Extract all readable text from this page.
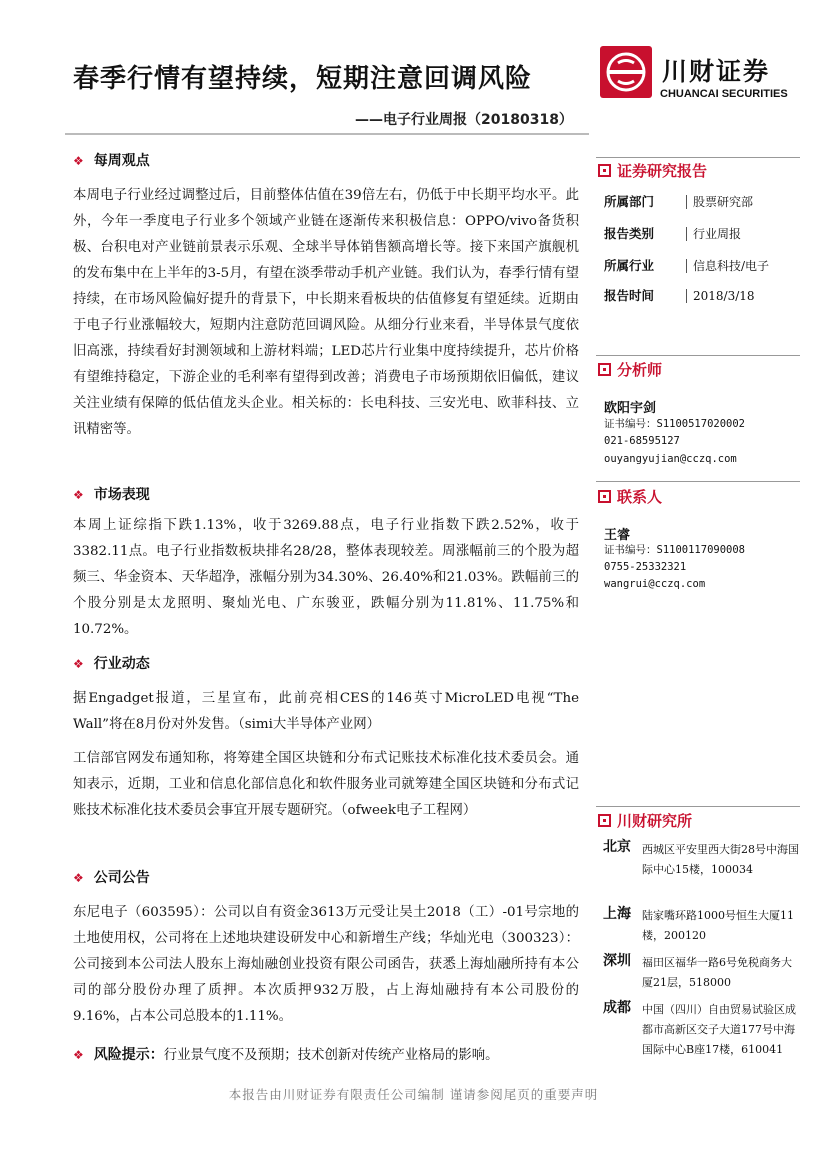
春季行情有望持续，短期注意回调风险
——电子行业周报（20180318）
川财证券
CHUANCAI SECURITIES
❖ 每周观点

本周电子行业经过调整过后，目前整体估值在39倍左右，仍低于中长期平均水平。此外，今年一季度电子行业多个领域产业链在逐渐传来积极信息：OPPO/vivo备货积极、台积电对产业链前景表示乐观、全球半导体销售额高增长等。接下来国产旗舰机的发布集中在上半年的3-5月，有望在淡季带动手机产业链。我们认为，春季行情有望持续，在市场风险偏好提升的背景下，中长期来看板块的估值修复有望延续。近期由于电子行业涨幅较大，短期内注意防范回调风险。从细分行业来看，半导体景气度依旧高涨，持续看好封测领域和上游材料端；LED芯片行业集中度持续提升，芯片价格有望维持稳定，下游企业的毛利率有望得到改善；消费电子市场预期依旧偏低，建议关注业绩有保障的低估值龙头企业。相关标的：长电科技、三安光电、欧菲科技、立讯精密等。

❖ 市场表现

本周上证综指下跌1.13%，收于3269.88点，电子行业指数下跌2.52%，收于3382.11点。电子行业指数板块排名28/28，整体表现较差。周涨幅前三的个股为超频三、华金资本、天华超净，涨幅分别为34.30%、26.40%和21.03%。跌幅前三的个股分别是太龙照明、聚灿光电、广东骏亚，跌幅分别为11.81%、11.75%和10.72%。

❖ 行业动态

据Engadget报道，三星宣布，此前亮相CES的146英寸MicroLED电视“The Wall”将在8月份对外发售。（simi大半导体产业网）

工信部官网发布通知称，将筹建全国区块链和分布式记账技术标准化技术委员会。通知表示，近期，工业和信息化部信息化和软件服务业司就筹建全国区块链和分布式记账技术标准化技术委员会事宜开展专题研究。（ofweek电子工程网）

❖ 公司公告

东尼电子（603595）：公司以自有资金3613万元受让吴土2018（工）-01号宗地的土地使用权，公司将在上述地块建设研发中心和新增生产线；华灿光电（300323）：公司接到本公司法人股东上海灿融创业投资有限公司函告，获悉上海灿融所持有本公司的部分股份办理了质押。本次质押932万股，占上海灿融持有本公司股份的9.16%，占本公司总股本的1.11%。

❖ 风险提示：行业景气度不及预期；技术创新对传统产业格局的影响。
证券研究报告
所属部门	股票研究部
报告类别	行业周报
所属行业	信息科技/电子
报告时间	2018/3/18
分析师
欧阳宇剑
证书编号：S1100517020002
021-68595127
ouyangyujian@cczq.com
联系人
王睿
证书编号：S1100117090008
0755-25332321
wangrui@cczq.com
川财研究所
北京 西城区平安里西大街28号中海国际中心15楼，100034

上海 陆家嘴环路1000号恒生大厦11楼，200120

深圳 福田区福华一路6号免税商务大厦21层，518000

成都 中国（四川）自由贸易试验区成都市高新区交子大道177号中海国际中心B座17楼，610041

本报告由川财证券有限责任公司编制 谨请参阅尾页的重要声明
